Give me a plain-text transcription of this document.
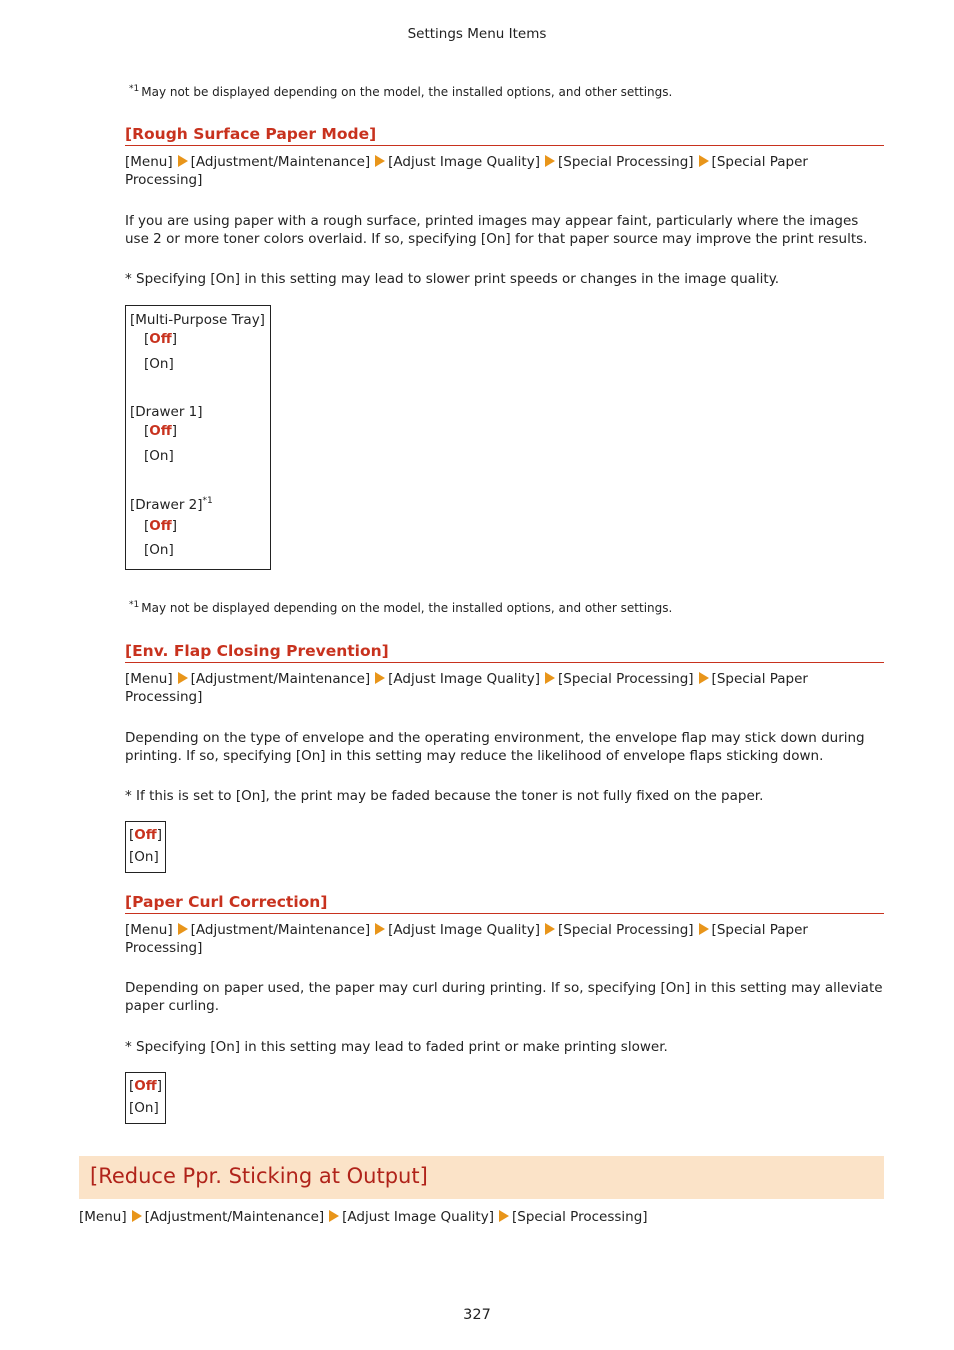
Settings Menu Items
$^{*1}$ May not be displayed depending on the model, the installed options, and other settings.
[Rough Surface Paper Mode]
[Menu] [Adjustment/Maintenance] [Adjust Image Quality] [Special Processing] [Special Paper
Processing]
If you are using paper with a rough surface, printed images may appear faint, particularly where the images use 2 or more toner colors overlaid. If so, specifying [On] for that paper source may improve the print results.
* Specifying [On] in this setting may lead to slower print speeds or changes in the image quality.
[Multi-Purpose Tray]
[Off]
[On]
[Drawer 1]
[Off]
[On]
[Drawer 2]$^{*1}$
[Off]
[On]
$^{*1}$ May not be displayed depending on the model, the installed options, and other settings.
[Env. Flap Closing Prevention]
[Menu] [Adjustment/Maintenance] [Adjust Image Quality] [Special Processing] [Special Paper
Processing]
Depending on the type of envelope and the operating environment, the envelope flap may stick down during printing. If so, specifying [On] in this setting may reduce the likelihood of envelope flaps sticking down.
* If this is set to [On], the print may be faded because the toner is not fully fixed on the paper.
[Off]
[On]
[Paper Curl Correction]
[Menu] [Adjustment/Maintenance] [Adjust Image Quality] [Special Processing] [Special Paper
Processing]
Depending on paper used, the paper may curl during printing. If so, specifying [On] in this setting may alleviate paper curling.
* Specifying [On] in this setting may lead to faded print or make printing slower.
[Off]
[On]
[Reduce Ppr. Sticking at Output]
[Menu] [Adjustment/Maintenance] [Adjust Image Quality] [Special Processing]
327
